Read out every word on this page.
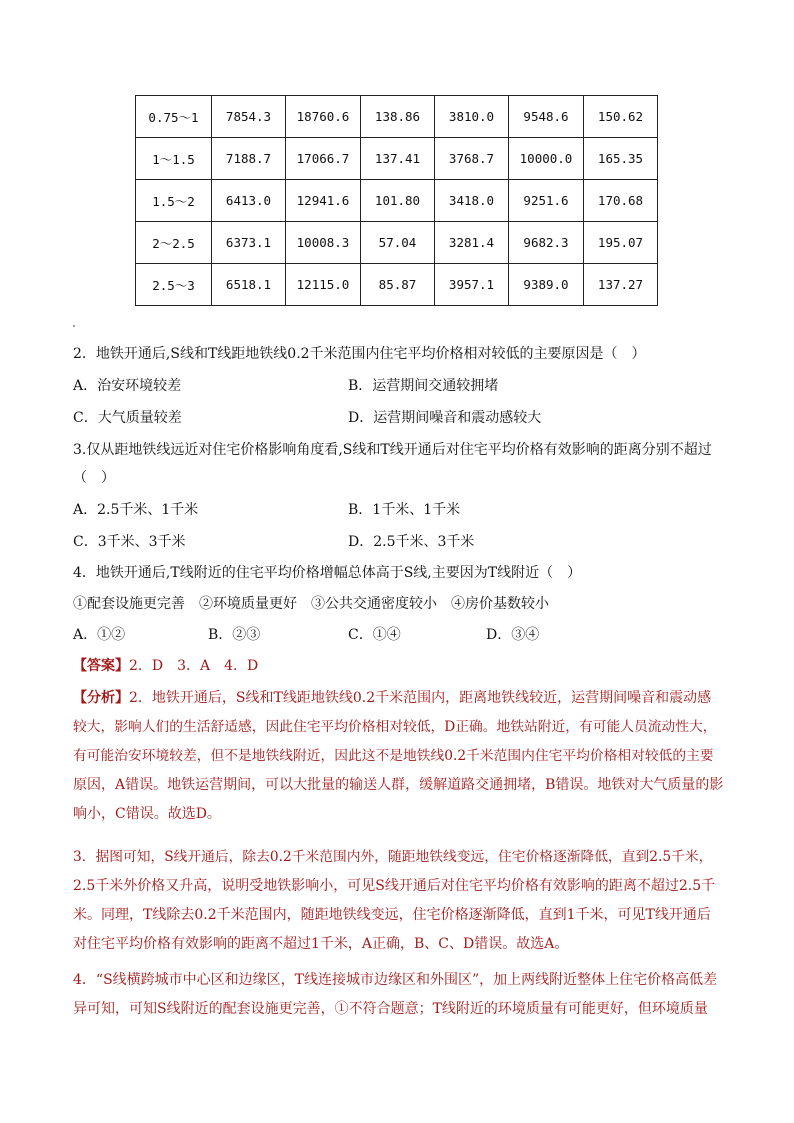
0.75～1	7854.3	18760.6	138.86	3810.0	9548.6	150.62
1～1.5	7188.7	17066.7	137.41	3768.7	10000.0	165.35
1.5～2	6413.0	12941.6	101.80	3418.0	9251.6	170.68
2～2.5	6373.1	10008.3	57.04	3281.4	9682.3	195.07
2.5～3	6518.1	12115.0	85.87	3957.1	9389.0	137.27
2．地铁开通后,S线和T线距地铁线0.2千米范围内住宅平均价格相对较低的主要原因是（　）
A．治安环境较差	B．运营期间交通较拥堵
C．大气质量较差	D．运营期间噪音和震动感较大
3.仅从距地铁线远近对住宅价格影响角度看,S线和T线开通后对住宅平均价格有效影响的距离分别不超过
（　）
A．2.5千米、1千米	B．1千米、1千米
C．3千米、3千米	D．2.5千米、3千米
4．地铁开通后,T线附近的住宅平均价格增幅总体高于S线,主要因为T线附近（　）
①配套设施更完善　②环境质量更好　③公共交通密度较小　④房价基数较小
A．①②	B．②③	C．①④	D．③④
【答案】2．D　3．A　4．D
【分析】2．地铁开通后，S线和T线距地铁线0.2千米范围内，距离地铁线较近，运营期间噪音和震动感
较大，影响人们的生活舒适感，因此住宅平均价格相对较低，D正确。地铁站附近，有可能人员流动性大，
有可能治安环境较差，但不是地铁线附近，因此这不是地铁线0.2千米范围内住宅平均价格相对较低的主要
原因，A错误。地铁运营期间，可以大批量的输送人群，缓解道路交通拥堵，B错误。地铁对大气质量的影
响小，C错误。故选D。
3．据图可知，S线开通后，除去0.2千米范围内外，随距地铁线变远，住宅价格逐渐降低，直到2.5千米，
2.5千米外价格又升高，说明受地铁影响小，可见S线开通后对住宅平均价格有效影响的距离不超过2.5千
米。同理，T线除去0.2千米范围内，随距地铁线变远，住宅价格逐渐降低，直到1千米，可见T线开通后
对住宅平均价格有效影响的距离不超过1千米，A正确，B、C、D错误。故选A。
4．“S线横跨城市中心区和边缘区，T线连接城市边缘区和外围区”，加上两线附近整体上住宅价格高低差
异可知，可知S线附近的配套设施更完善，①不符合题意；T线附近的环境质量有可能更好，但环境质量
